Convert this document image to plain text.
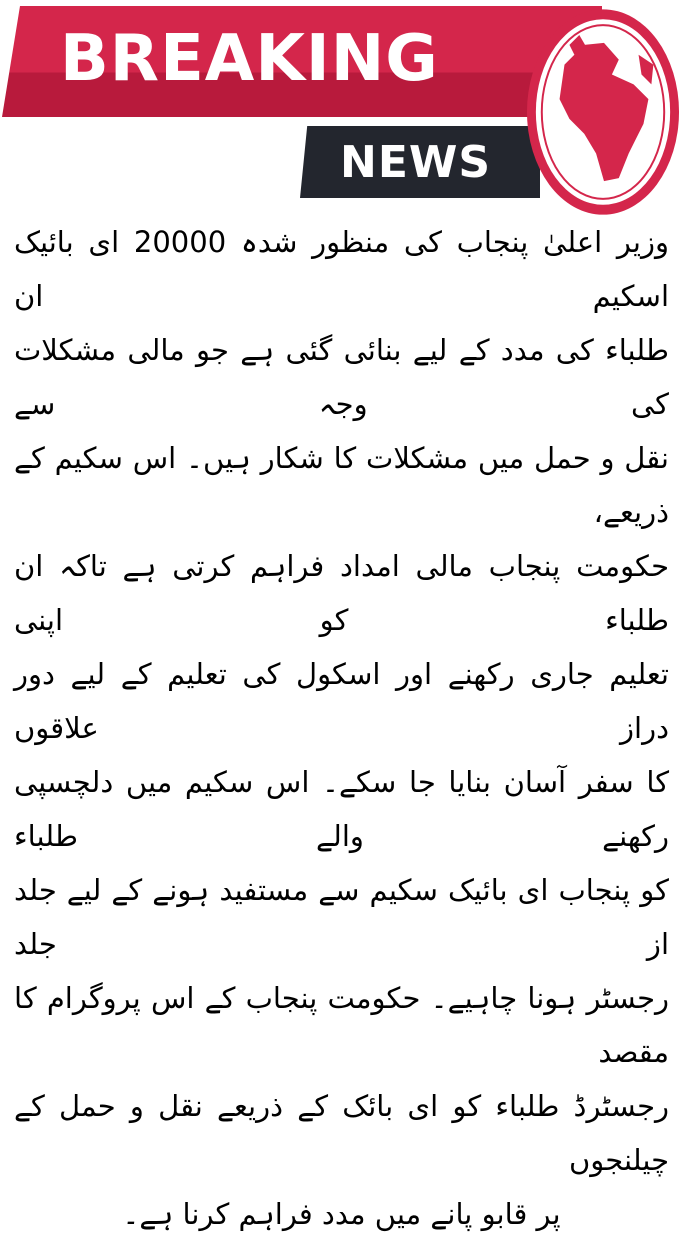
BREAKING
NEWS
وزیر اعلیٰ پنجاب کی منظور شدہ 20000 ای بائیک اسکیم ان
طلباء کی مدد کے لیے بنائی گئی ہے جو مالی مشکلات کی وجہ سے
نقل و حمل میں مشکلات کا شکار ہیں۔ اس سکیم کے ذریعے،
حکومت پنجاب مالی امداد فراہم کرتی ہے تاکہ ان طلباء کو اپنی
تعلیم جاری رکھنے اور اسکول کی تعلیم کے لیے دور دراز علاقوں
کا سفر آسان بنایا جا سکے۔ اس سکیم میں دلچسپی رکھنے والے طلباء
کو پنجاب ای بائیک سکیم سے مستفید ہونے کے لیے جلد از جلد
رجسٹر ہونا چاہیے۔ حکومت پنجاب کے اس پروگرام کا مقصد
رجسٹرڈ طلباء کو ای بائک کے ذریعے نقل و حمل کے چیلنجوں
پر قابو پانے میں مدد فراہم کرنا ہے۔
